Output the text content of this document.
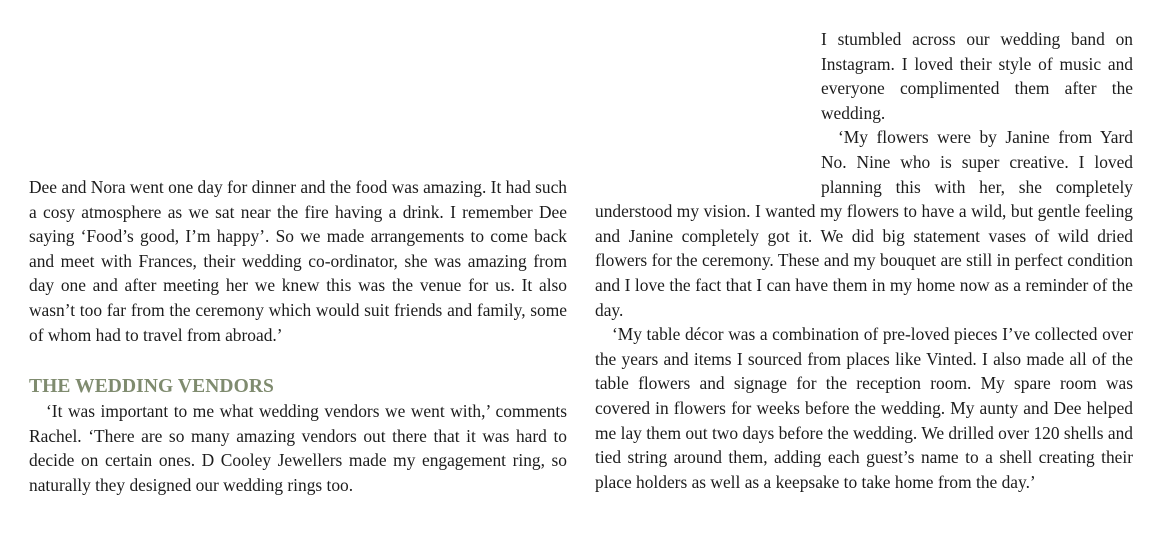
Dee and Nora went one day for dinner and the food was amazing. It had such a cosy atmosphere as we sat near the fire having a drink. I remember Dee saying ‘Food’s good, I’m happy’. So we made arrangements to come back and meet with Frances, their wedding co-ordinator, she was amazing from day one and after meeting her we knew this was the venue for us. It also wasn’t too far from the ceremony which would suit friends and family, some of whom had to travel from abroad.’

THE WEDDING VENDORS

‘It was important to me what wedding vendors we went with,’ comments Rachel. ‘There are so many amazing vendors out there that it was hard to decide on certain ones. D Cooley Jewellers made my engagement ring, so naturally they designed our wedding rings too.

I stumbled across our wedding band on Instagram. I loved their style of music and everyone complimented them after the wedding.

‘My flowers were by Janine from Yard No. Nine who is super creative. I loved planning this with her, she completely understood my vision. I wanted my flowers to have a wild, but gentle feeling and Janine completely got it. We did big statement vases of wild dried flowers for the ceremony. These and my bouquet are still in perfect condition and I love the fact that I can have them in my home now as a reminder of the day.

‘My table décor was a combination of pre-loved pieces I’ve collected over the years and items I sourced from places like Vinted. I also made all of the table flowers and signage for the reception room. My spare room was covered in flowers for weeks before the wedding. My aunty and Dee helped me lay them out two days before the wedding. We drilled over 120 shells and tied string around them, adding each guest’s name to a shell creating their place holders as well as a keepsake to take home from the day.’
